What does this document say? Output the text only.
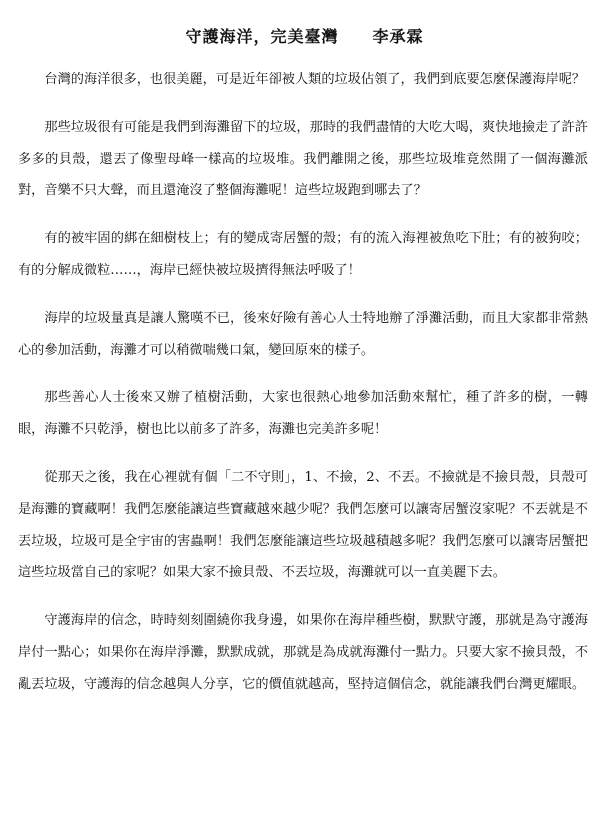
守護海洋，完美臺灣 李承霖

台灣的海洋很多，也很美麗，可是近年卻被人類的垃圾佔領了，我們到底要怎麼保護海岸呢？

那些垃圾很有可能是我們到海灘留下的垃圾，那時的我們盡情的大吃大喝，爽快地撿走了許許多多的貝殼，還丟了像聖母峰一樣高的垃圾堆。我們離開之後，那些垃圾堆竟然開了一個海灘派對，音樂不只大聲，而且還淹沒了整個海灘呢！這些垃圾跑到哪去了？

有的被牢固的綁在細樹枝上；有的變成寄居蟹的殼；有的流入海裡被魚吃下肚；有的被狗咬；有的分解成微粒……，海岸已經快被垃圾擠得無法呼吸了！

海岸的垃圾量真是讓人驚嘆不已，後來好險有善心人士特地辦了淨灘活動，而且大家都非常熱心的參加活動，海灘才可以稍微喘幾口氣，變回原來的樣子。

那些善心人士後來又辦了植樹活動，大家也很熱心地參加活動來幫忙，種了許多的樹，一轉眼，海灘不只乾淨，樹也比以前多了許多，海灘也完美許多呢！

從那天之後，我在心裡就有個「二不守則」，1、不撿，2、不丟。不撿就是不撿貝殼，貝殼可是海灘的寶藏啊！我們怎麼能讓這些寶藏越來越少呢？我們怎麼可以讓寄居蟹沒家呢？不丟就是不丟垃圾，垃圾可是全宇宙的害蟲啊！我們怎麼能讓這些垃圾越積越多呢？我們怎麼可以讓寄居蟹把這些垃圾當自己的家呢？如果大家不撿貝殼、不丟垃圾，海灘就可以一直美麗下去。

守護海岸的信念，時時刻刻圍繞你我身邊，如果你在海岸種些樹，默默守護，那就是為守護海岸付一點心；如果你在海岸淨灘，默默成就，那就是為成就海灘付一點力。只要大家不撿貝殼，不亂丟垃圾，守護海的信念越與人分享，它的價值就越高，堅持這個信念，就能讓我們台灣更耀眼。
